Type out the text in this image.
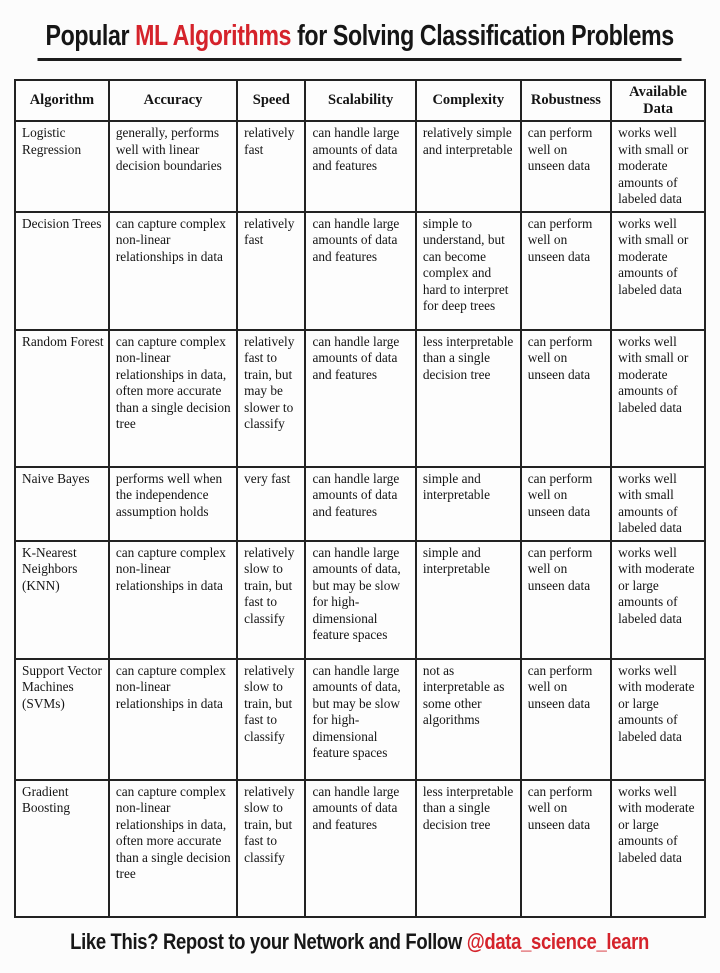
Popular ML Algorithms for Solving Classification Problems
Algorithm	Accuracy	Speed	Scalability	Complexity	Robustness	Available Data
Logistic Regression	generally, performs well with linear decision boundaries	relatively fast	can handle large amounts of data and features	relatively simple and interpretable	can perform well on unseen data	works well with small or moderate amounts of labeled data
Decision Trees	can capture complex non-linear relationships in data	relatively fast	can handle large amounts of data and features	simple to understand, but can become complex and hard to interpret for deep trees	can perform well on unseen data	works well with small or moderate amounts of labeled data
Random Forest	can capture complex non-linear relationships in data, often more accurate than a single decision tree	relatively fast to train, but may be slower to classify	can handle large amounts of data and features	less interpretable than a single decision tree	can perform well on unseen data	works well with small or moderate amounts of labeled data
Naive Bayes	performs well when the independence assumption holds	very fast	can handle large amounts of data and features	simple and interpretable	can perform well on unseen data	works well with small amounts of labeled data
K-Nearest Neighbors (KNN)	can capture complex non-linear relationships in data	relatively slow to train, but fast to classify	can handle large amounts of data, but may be slow for high-dimensional feature spaces	simple and interpretable	can perform well on unseen data	works well with moderate or large amounts of labeled data
Support Vector Machines (SVMs)	can capture complex non-linear relationships in data	relatively slow to train, but fast to classify	can handle large amounts of data, but may be slow for high-dimensional feature spaces	not as interpretable as some other algorithms	can perform well on unseen data	works well with moderate or large amounts of labeled data
Gradient Boosting	can capture complex non-linear relationships in data, often more accurate than a single decision tree	relatively slow to train, but fast to classify	can handle large amounts of data and features	less interpretable than a single decision tree	can perform well on unseen data	works well with moderate or large amounts of labeled data

Like This? Repost to your Network and Follow @data_science_learn
